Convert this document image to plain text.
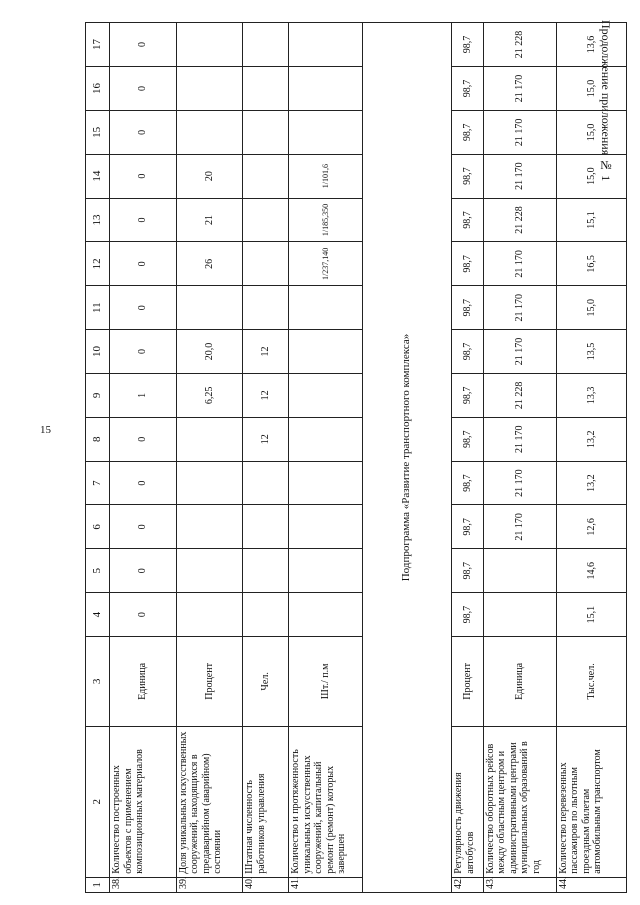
15
Продолжение приложения № 1
1	2	3	4	5	6	7	8	9	10	11	12	13	14	15	16	17
38.	Количество построенных объектов с применением композиционных материалов	Единица	0	0	0	0	0	1	0	0	0	0	0	0	0	0
39.	Доля уникальных искусственных сооружений, находящихся в предаварийном (аварийном) состоянии	Процент						6,25	20,0		26	21	20			
40.	Штатная численность работников управления	Чел.					12	12	12							
41.	Количество и протяженность уникальных искусственных сооружений, капитальный ремонт (ремонт) которых завершен	Шт./ п.м									1/237,140	1/185,350	1/101,6			
Подпрограмма «Развитие транспортного комплекса»																
42.	Регулярность движения автобусов	Процент	98,7	98,7	98,7	98,7	98,7	98,7	98,7	98,7	98,7	98,7	98,7	98,7	98,7	98,7
43.	Количество оборотных рейсов между областным центром и административными центрами муниципальных образований в год	Единица			21 170	21 170	21 170	21 228	21 170	21 170	21 170	21 228	21 170	21 170	21 170	21 228
44.	Количество перевезенных пассажиров по льготным проездным билетам автомобильным транспортом	Тыс.чел.	15,1	14,6	12,6	13,2	13,2	13,3	13,5	15,0	16,5	15,1	15,0	15,0	15,0	13,6
